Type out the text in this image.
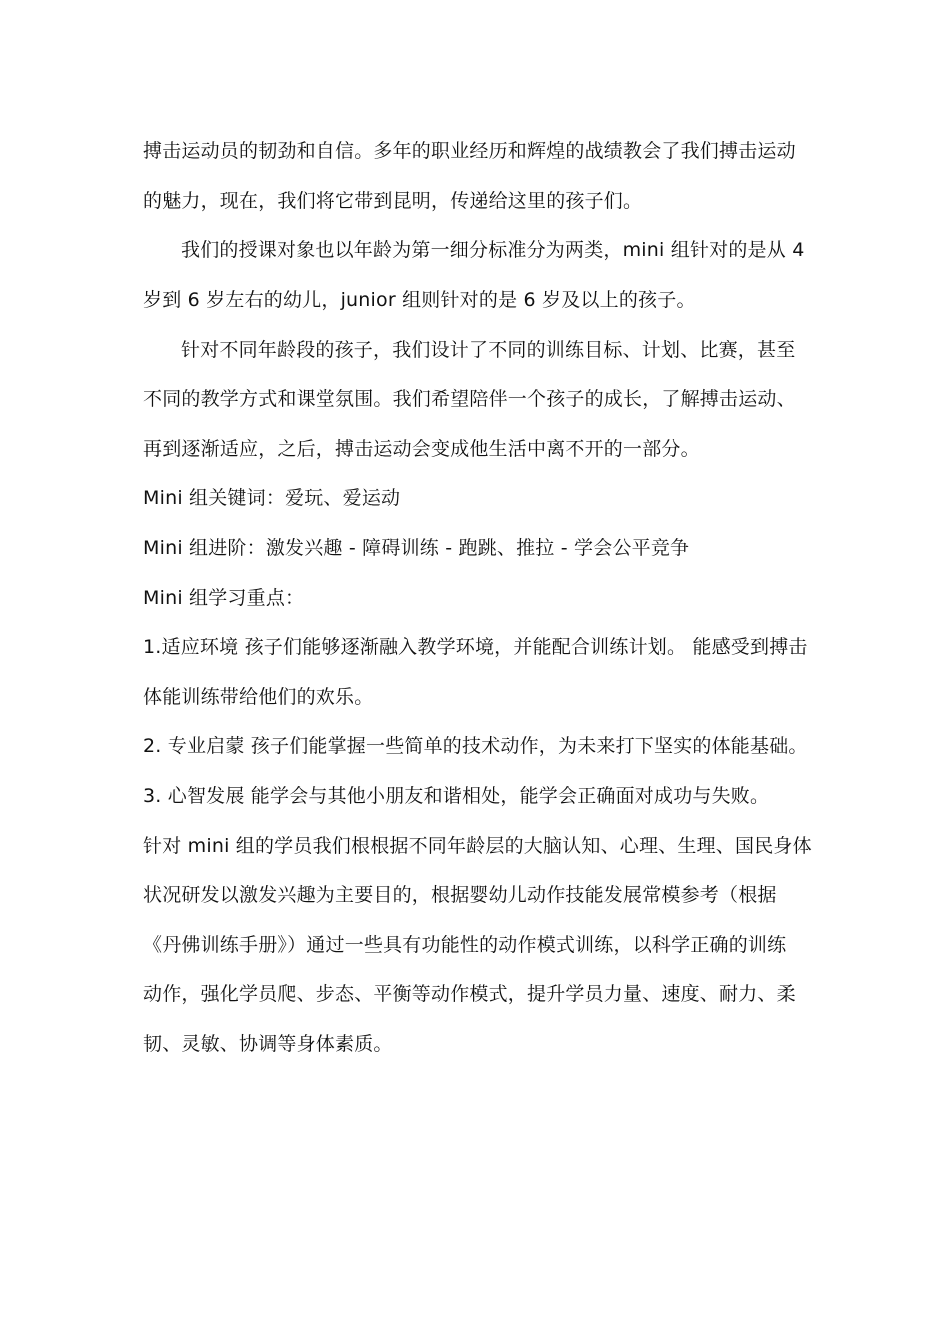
搏击运动员的韧劲和自信。多年的职业经历和辉煌的战绩教会了我们搏击运动
的魅力，现在，我们将它带到昆明，传递给这里的孩子们。
我们的授课对象也以年龄为第一细分标准分为两类，mini 组针对的是从 4
岁到 6 岁左右的幼儿，junior 组则针对的是 6 岁及以上的孩子。
针对不同年龄段的孩子，我们设计了不同的训练目标、计划、比赛，甚至
不同的教学方式和课堂氛围。我们希望陪伴一个孩子的成长，了解搏击运动、
再到逐渐适应，之后，搏击运动会变成他生活中离不开的一部分。
Mini 组关键词：爱玩、爱运动
Mini 组进阶：激发兴趣 - 障碍训练 - 跑跳、推拉 - 学会公平竞争
Mini 组学习重点：
1.适应环境 孩子们能够逐渐融入教学环境，并能配合训练计划。 能感受到搏击
体能训练带给他们的欢乐。
2. 专业启蒙 孩子们能掌握一些简单的技术动作，为未来打下坚实的体能基础。
3. 心智发展 能学会与其他小朋友和谐相处，能学会正确面对成功与失败。
针对 mini 组的学员我们根根据不同年龄层的大脑认知、心理、生理、国民身体
状况研发以激发兴趣为主要目的，根据婴幼儿动作技能发展常模参考（根据
《丹佛训练手册》）通过一些具有功能性的动作模式训练，以科学正确的训练
动作，强化学员爬、步态、平衡等动作模式，提升学员力量、速度、耐力、柔
韧、灵敏、协调等身体素质。
